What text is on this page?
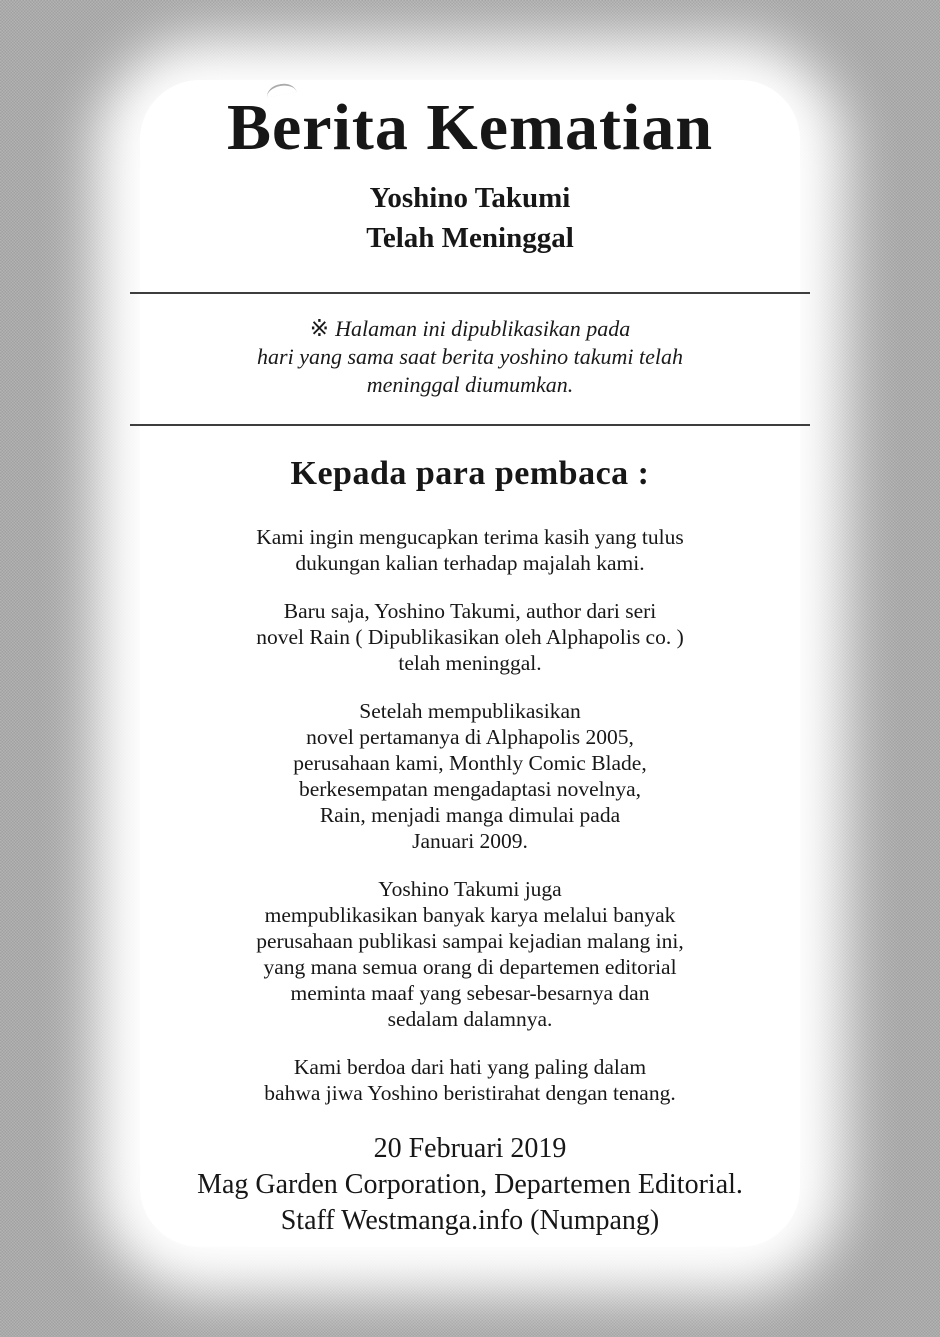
Berita Kematian
Yoshino Takumi
Telah Meninggal
※ Halaman ini dipublikasikan pada
hari yang sama saat berita yoshino takumi telah
meninggal diumumkan.
Kepada para pembaca :

Kami ingin mengucapkan terima kasih yang tulus
dukungan kalian terhadap majalah kami.

Baru saja, Yoshino Takumi, author dari seri
novel Rain ( Dipublikasikan oleh Alphapolis co. )
telah meninggal.

Setelah mempublikasikan
novel pertamanya di Alphapolis 2005,
perusahaan kami, Monthly Comic Blade,
berkesempatan mengadaptasi novelnya,
Rain, menjadi manga dimulai pada
Januari 2009.

Yoshino Takumi juga
mempublikasikan banyak karya melalui banyak
perusahaan publikasi sampai kejadian malang ini,
yang mana semua orang di departemen editorial
meminta maaf yang sebesar-besarnya dan
sedalam dalamnya.

Kami berdoa dari hati yang paling dalam
bahwa jiwa Yoshino beristirahat dengan tenang.

20 Februari 2019
Mag Garden Corporation, Departemen Editorial.
Staff Westmanga.info (Numpang)
